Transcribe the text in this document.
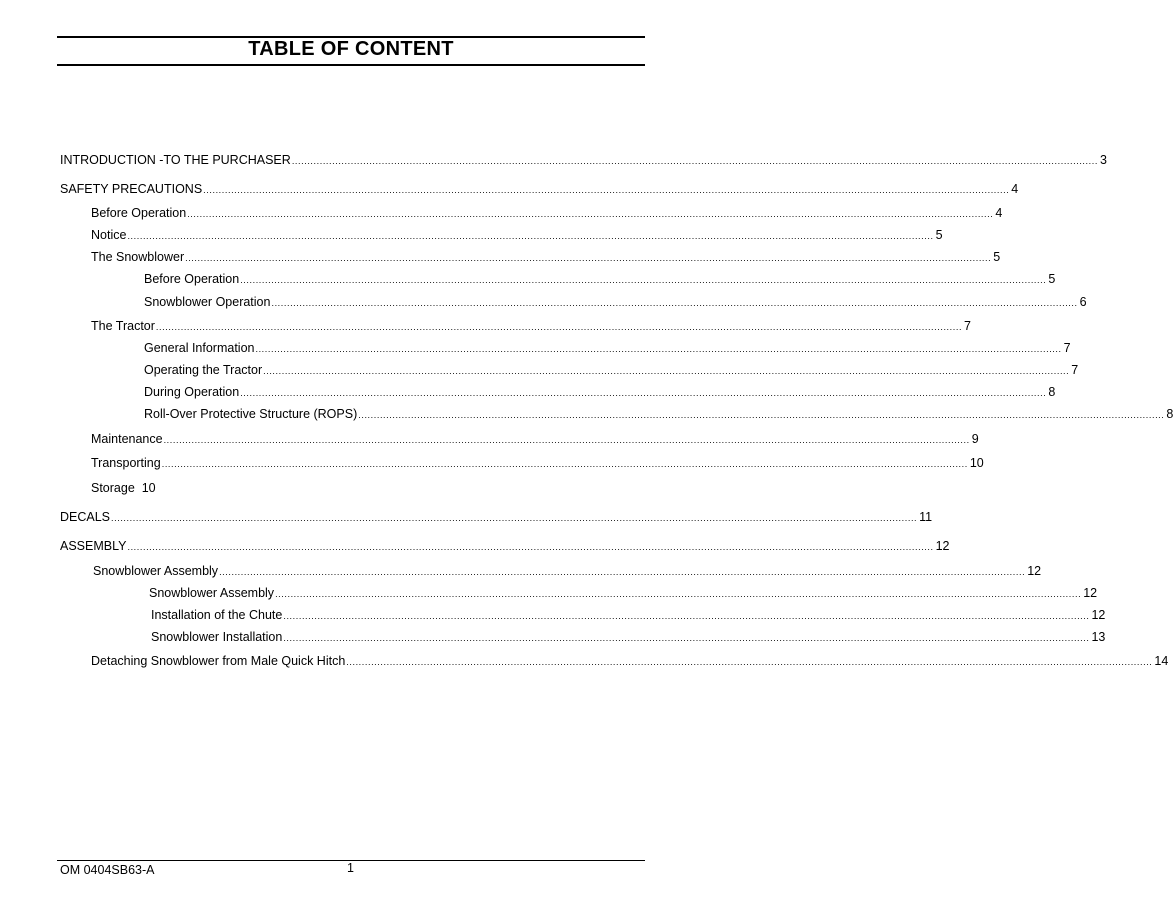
TABLE OF CONTENT
INTRODUCTION -TO THE PURCHASER .................................................................................................................................................................................................................................................................... 3
SAFETY PRECAUTIONS .................................................................................................................................................................................................................................................................... 4
Before Operation .................................................................................................................................................................................................................................................................... 4
Notice .................................................................................................................................................................................................................................................................... 5
The Snowblower .................................................................................................................................................................................................................................................................... 5
Before Operation .................................................................................................................................................................................................................................................................... 5
Snowblower Operation .................................................................................................................................................................................................................................................................... 6
The Tractor .................................................................................................................................................................................................................................................................... 7
General Information .................................................................................................................................................................................................................................................................... 7
Operating the Tractor .................................................................................................................................................................................................................................................................... 7
During Operation .................................................................................................................................................................................................................................................................... 8
Roll-Over Protective Structure (ROPS) .................................................................................................................................................................................................................................................................... 8
Maintenance .................................................................................................................................................................................................................................................................... 9
Transporting .................................................................................................................................................................................................................................................................... 10
Storage  10
DECALS .................................................................................................................................................................................................................................................................... 11
ASSEMBLY .................................................................................................................................................................................................................................................................... 12
Snowblower Assembly .................................................................................................................................................................................................................................................................... 12
Snowblower Assembly .................................................................................................................................................................................................................................................................... 12
Installation of the Chute .................................................................................................................................................................................................................................................................... 12
Snowblower Installation .................................................................................................................................................................................................................................................................... 13
Detaching Snowblower from Male Quick Hitch .................................................................................................................................................................................................................................................................... 14
OM 0404SB63-A	1
